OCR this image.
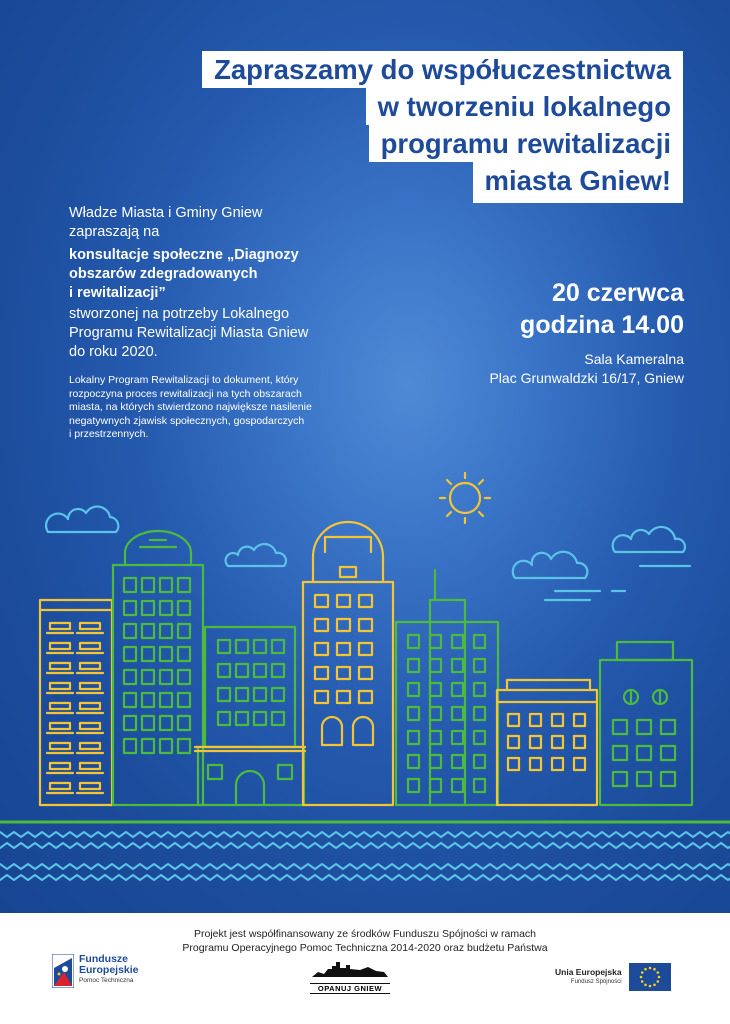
Zapraszamy do współuczestnictwa
w tworzeniu lokalnego
programu rewitalizacji
miasta Gniew!

Władze Miasta i Gminy Gniew

zapraszają na

konsultacje społeczne „Diagnozy
obszarów zdegradowanych
i rewitalizacji”

stworzonej na potrzeby Lokalnego

Programu Rewitalizacji Miasta Gniew

do roku 2020.

Lokalny Program Rewitalizacji to dokument, który
rozpoczyna proces rewitalizacji na tych obszarach
miasta, na których stwierdzono największe nasilenie
negatywnych zjawisk społecznych, gospodarczych
i przestrzennych.
20 czerwca
godzina 14.00
Sala Kameralna
Plac Grunwaldzki 16/17, Gniew
Projekt jest współfinansowany ze środków Funduszu Spójności w ramach
Programu Operacyjnego Pomoc Techniczna 2014-2020 oraz budżetu Państwa
Fundusze
Europejskie
Pomoc Techniczna
OPANUJ GNIEW
Unia Europejska
Fundusz Spójności
